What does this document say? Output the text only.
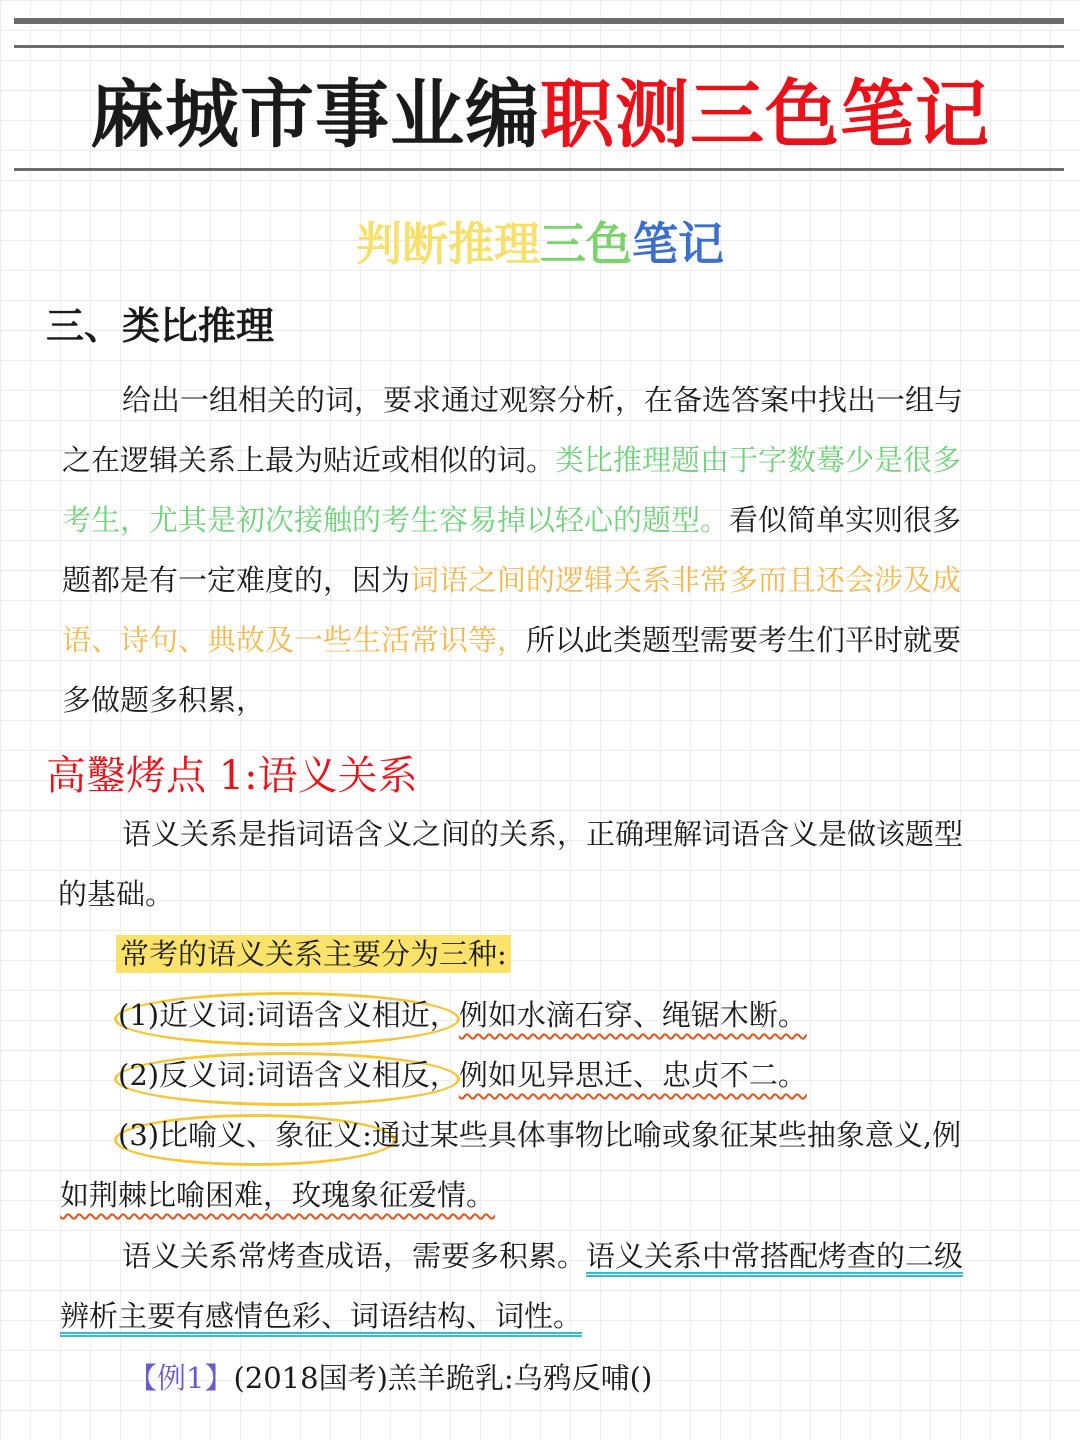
麻城市事业编职测三色笔记
判断推理三色笔记
三、类比推理
给出一组相关的词，要求通过观察分析，在备选答案中找出一组与
之在逻辑关系上最为贴近或相似的词。类比推理题由于字数蓦少是很多
考生，尤其是初次接触的考生容易掉以轻心的题型。看似简单实则很多
题都是有一定难度的，因为词语之间的逻辑关系非常多而且还会涉及成
语、诗句、典故及一些生活常识等，所以此类题型需要考生们平时就要
多做题多积累，
高鑿烤点 1:语义关系
语义关系是指词语含义之间的关系，正确理解词语含义是做该题型
的基础。
常考的语义关系主要分为三种:
(1)近义词:词语含义相近，例如水滴石穿、绳锯木断。
(2)反义词:词语含义相反，例如见异思迁、忠贞不二。
(3)比喻义、象征义:通过某些具体事物比喻或象征某些抽象意义,例
如荆棘比喻困难，玫瑰象征爱情。
语义关系常烤查成语，需要多积累。语义关系中常搭配烤查的二级
辨析主要有感情色彩、词语结构、词性。
【例1】(2018国考)羔羊跪乳:乌鸦反哺()
